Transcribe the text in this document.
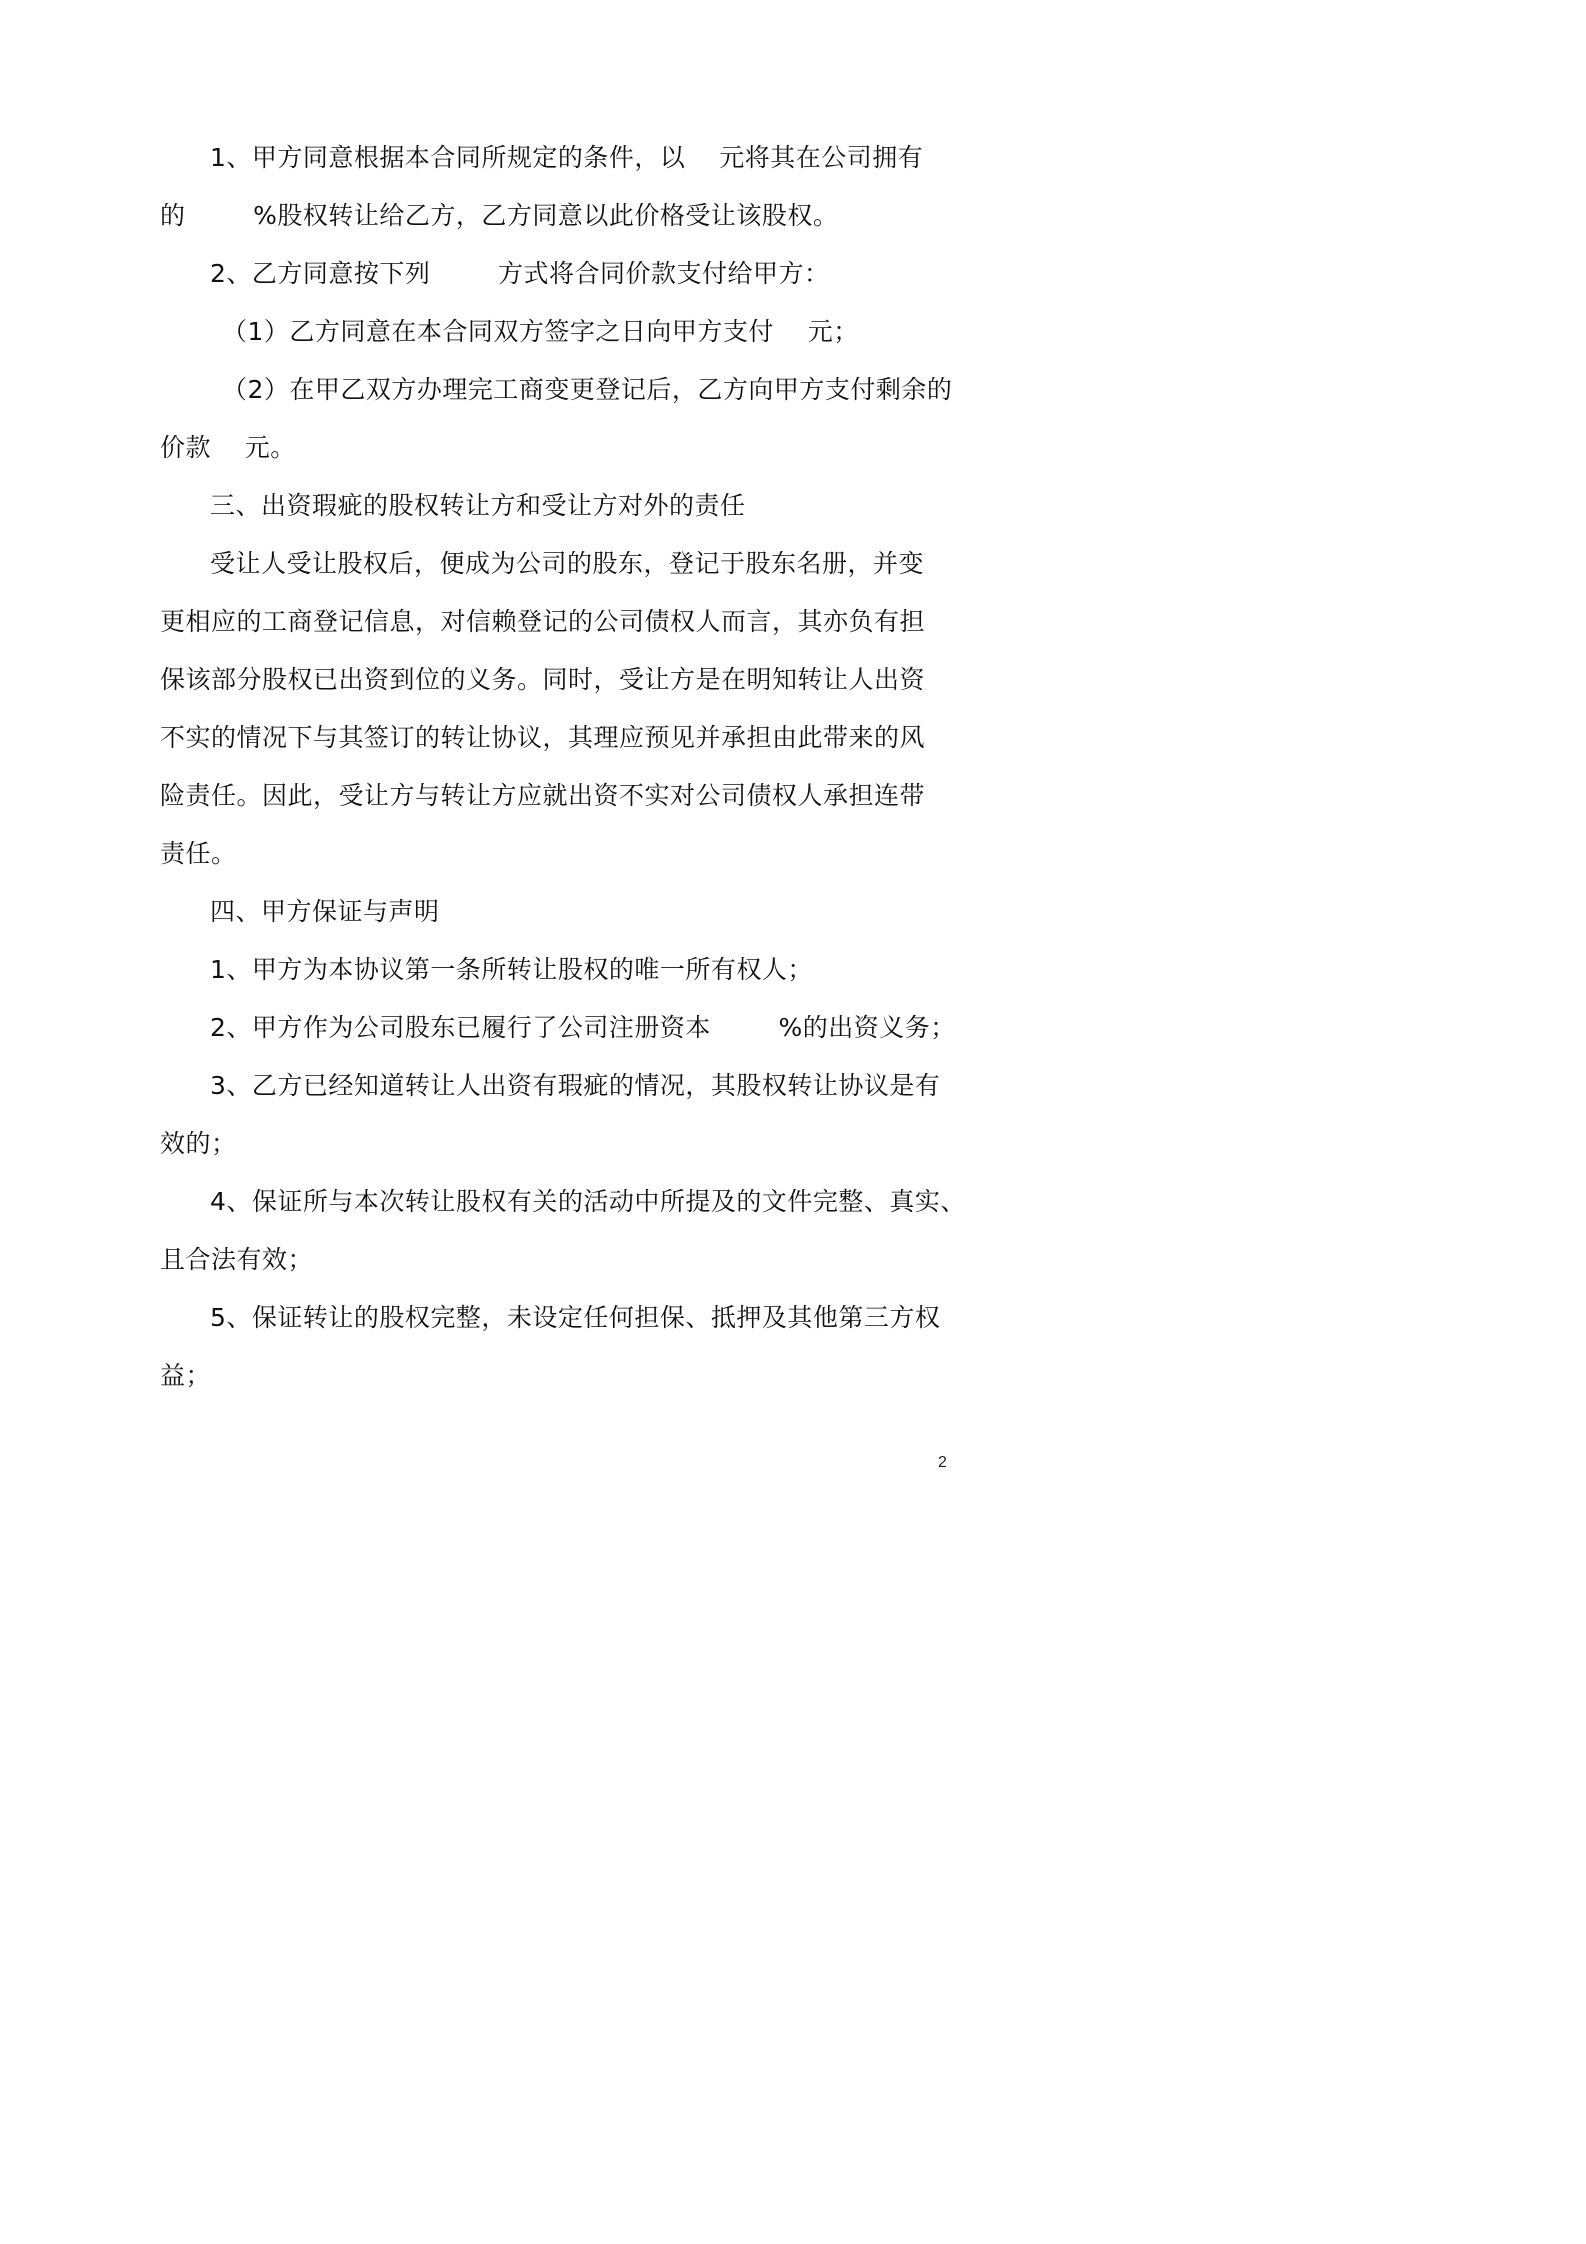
1、甲方同意根据本合同所规定的条件，以    元将其在公司拥有
的        %股权转让给乙方，乙方同意以此价格受让该股权。
2、乙方同意按下列        方式将合同价款支付给甲方：
（1）乙方同意在本合同双方签字之日向甲方支付    元；
（2）在甲乙双方办理完工商变更登记后，乙方向甲方支付剩余的
价款    元。
三、出资瑕疵的股权转让方和受让方对外的责任
受让人受让股权后，便成为公司的股东，登记于股东名册，并变
更相应的工商登记信息，对信赖登记的公司债权人而言，其亦负有担
保该部分股权已出资到位的义务。同时，受让方是在明知转让人出资
不实的情况下与其签订的转让协议，其理应预见并承担由此带来的风
险责任。因此，受让方与转让方应就出资不实对公司债权人承担连带
责任。
四、甲方保证与声明
1、甲方为本协议第一条所转让股权的唯一所有权人；
2、甲方作为公司股东已履行了公司注册资本        %的出资义务；
3、乙方已经知道转让人出资有瑕疵的情况，其股权转让协议是有
效的；
4、保证所与本次转让股权有关的活动中所提及的文件完整、真实、
且合法有效；
5、保证转让的股权完整，未设定任何担保、抵押及其他第三方权
益；
2
